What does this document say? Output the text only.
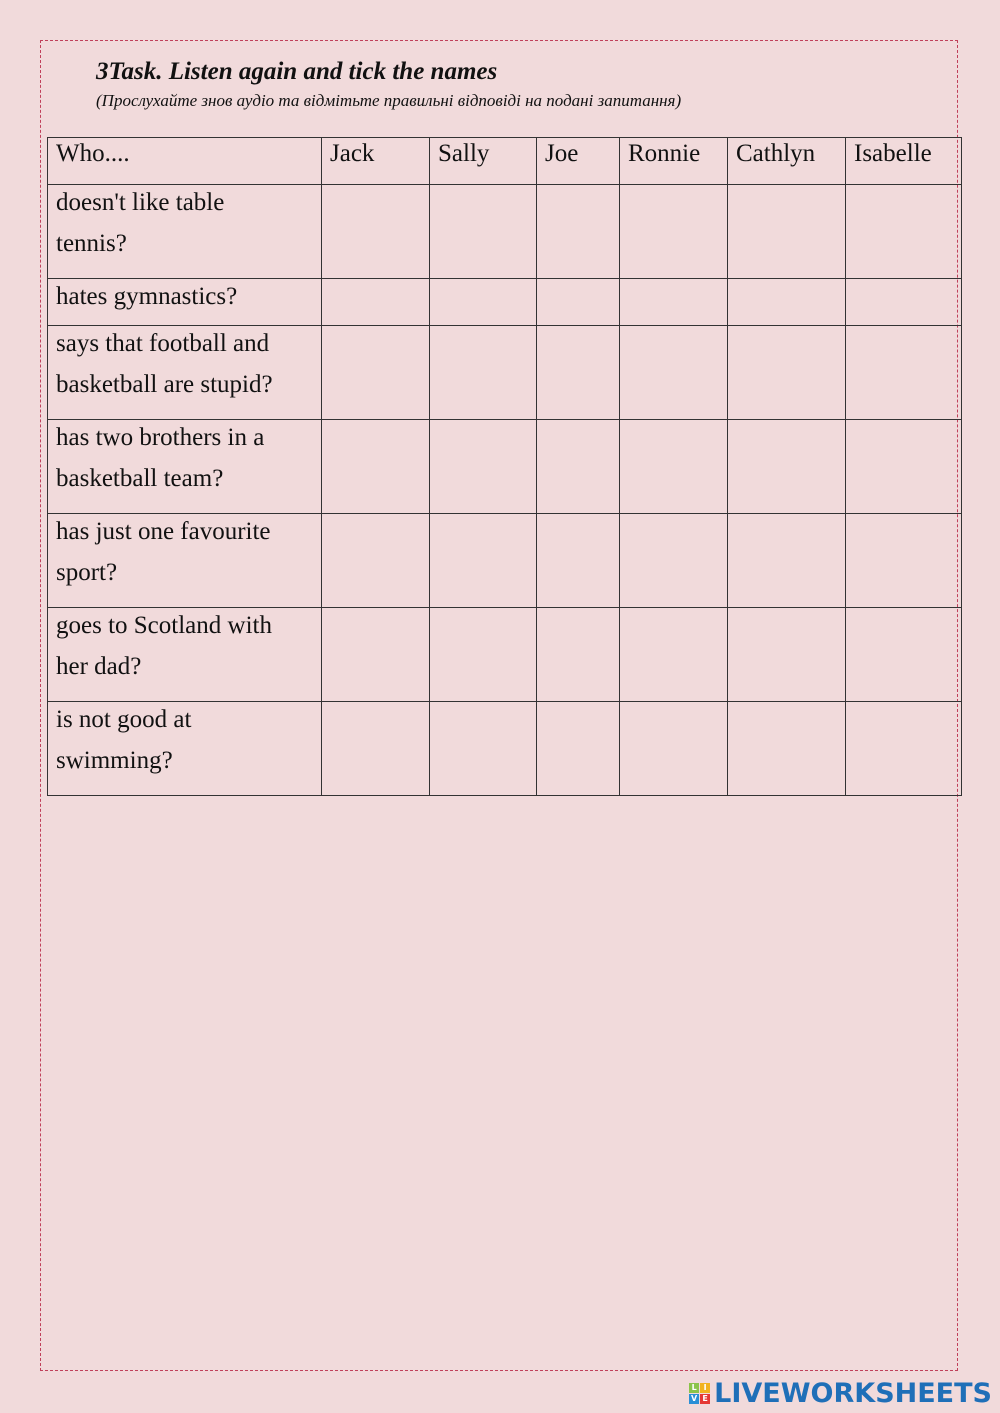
3Task. Listen again and tick the names
(Прослухайте знов аудіо та відмітьте правильні відповіді на подані запитання)
Who....	Jack	Sally	Joe	Ronnie	Cathlyn	Isabelle

doesn't like table
tennis?						

hates gymnastics?						

says that football and
basketball are stupid?						

has two brothers in a
basketball team?						

has just one favourite
sport?						

goes to Scotland with
her dad?						

is not good at
swimming?						

L I
V E LIVEWORKSHEETS
